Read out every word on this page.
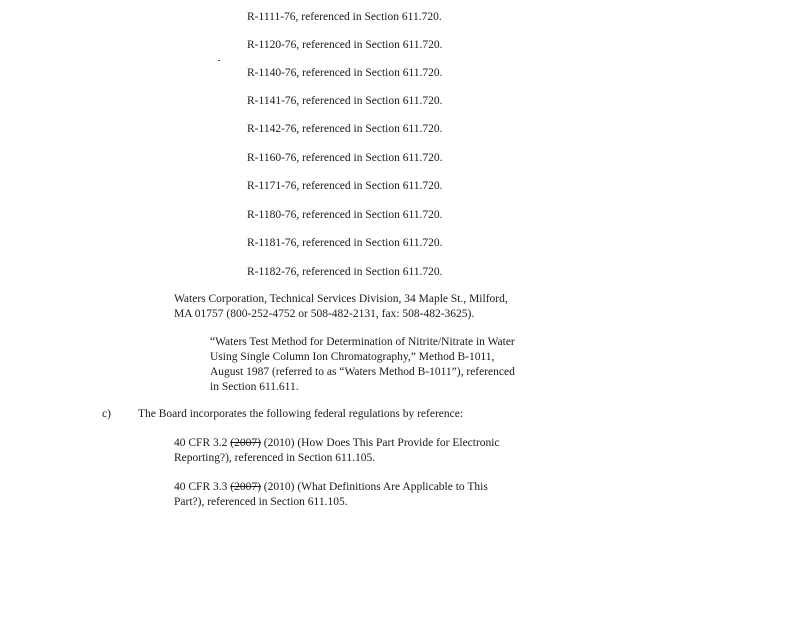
R-1111-76, referenced in Section 611.720.
R-1120-76, referenced in Section 611.720.
R-1140-76, referenced in Section 611.720.
R-1141-76, referenced in Section 611.720.
R-1142-76, referenced in Section 611.720.
R-1160-76, referenced in Section 611.720.
R-1171-76, referenced in Section 611.720.
R-1180-76, referenced in Section 611.720.
R-1181-76, referenced in Section 611.720.
R-1182-76, referenced in Section 611.720.
Waters Corporation, Technical Services Division, 34 Maple St., Milford,
MA 01757 (800-252-4752 or 508-482-2131, fax: 508-482-3625).
“Waters Test Method for Determination of Nitrite/Nitrate in Water
Using Single Column Ion Chromatography,” Method B-1011,
August 1987 (referred to as “Waters Method B-1011”), referenced
in Section 611.611.
c) The Board incorporates the following federal regulations by reference:
40 CFR 3.2 (2007) (2010) (How Does This Part Provide for Electronic
Reporting?), referenced in Section 611.105.
40 CFR 3.3 (2007) (2010) (What Definitions Are Applicable to This
Part?), referenced in Section 611.105.
